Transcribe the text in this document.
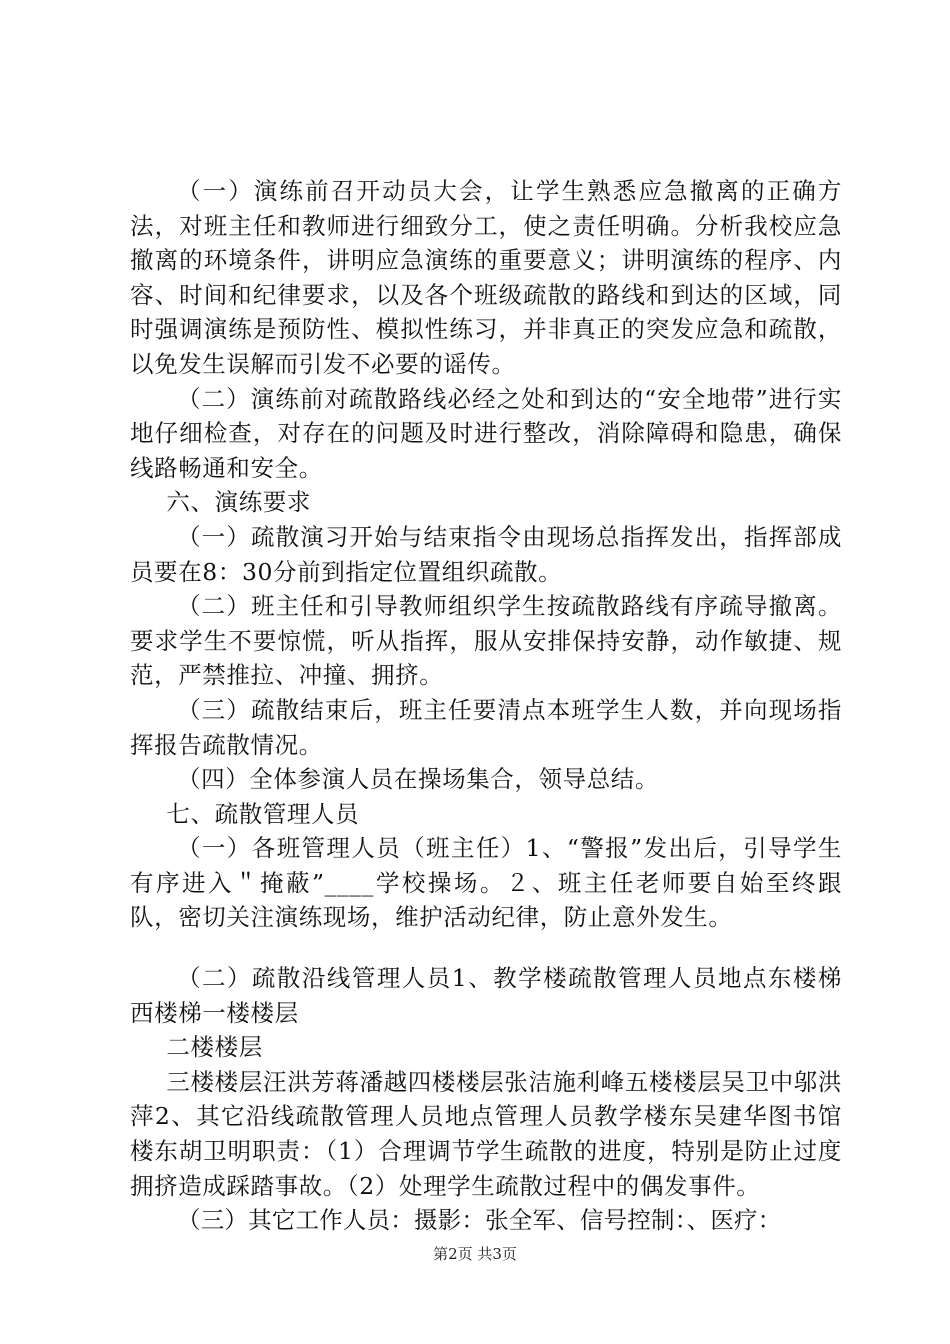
（一）演练前召开动员大会，让学生熟悉应急撤离的正确方法，对班主任和教师进行细致分工，使之责任明确。分析我校应急撤离的环境条件，讲明应急演练的重要意义；讲明演练的程序、内容、时间和纪律要求，以及各个班级疏散的路线和到达的区域，同时强调演练是预防性、模拟性练习，并非真正的突发应急和疏散，以免发生误解而引发不必要的谣传。

（二）演练前对疏散路线必经之处和到达的“安全地带”进行实地仔细检查，对存在的问题及时进行整改，消除障碍和隐患，确保线路畅通和安全。

六、演练要求

（一）疏散演习开始与结束指令由现场总指挥发出，指挥部成员要在8：30分前到指定位置组织疏散。

（二）班主任和引导教师组织学生按疏散路线有序疏导撤离。要求学生不要惊慌，听从指挥，服从安排保持安静，动作敏捷、规范，严禁推拉、冲撞、拥挤。

（三）疏散结束后，班主任要清点本班学生人数，并向现场指挥报告疏散情况。

（四）全体参演人员在操场集合，领导总结。

七、疏散管理人员

（一）各班管理人员（班主任）1、“警报”发出后，引导学生有序进入＂掩蔽”____学校操场。２、班主任老师要自始至终跟队，密切关注演练现场，维护活动纪律，防止意外发生。

（二）疏散沿线管理人员1、教学楼疏散管理人员地点东楼梯西楼梯一楼楼层

二楼楼层

三楼楼层汪洪芳蒋潘越四楼楼层张洁施利峰五楼楼层吴卫中邬洪萍2、其它沿线疏散管理人员地点管理人员教学楼东吴建华图书馆楼东胡卫明职责：（1）合理调节学生疏散的进度，特别是防止过度拥挤造成踩踏事故。（2）处理学生疏散过程中的偶发事件。

（三）其它工作人员：摄影：张全军、信号控制：、医疗：

第2页 共3页
